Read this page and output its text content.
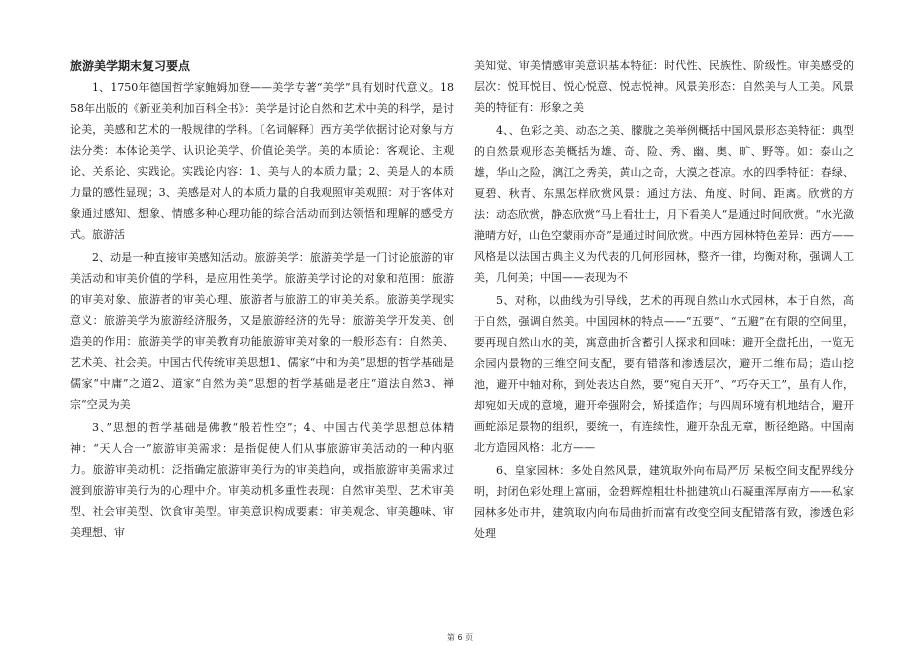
旅游美学期末复习要点

1、1750年德国哲学家鲍姆加登——美学专著“美学”具有划时代意义。1858年出版的《新亚美利加百科全书》：美学是讨论自然和艺术中美的科学，是讨论美，美感和艺术的一般规律的学科。〔名词解释〕西方美学依据讨论对象与方法分类：本体论美学、认识论美学、价值论美学。美的本质论：客观论、主观论、关系论、实践论。实践论内容：1、美与人的本质力量；2、美是人的本质力量的感性显现；3、美感是对人的本质力量的自我观照审美观照：对于客体对象通过感知、想象、情感多种心理功能的综合活动而到达领悟和理解的感受方式。旅游活

2、动是一种直接审美感知活动。旅游美学：旅游美学是一门讨论旅游的审美活动和审美价值的学科，是应用性美学。旅游美学讨论的对象和范围：旅游的审美对象、旅游者的审美心理、旅游者与旅游工的审美关系。旅游美学现实意义：旅游美学为旅游经济服务，又是旅游经济的先导：旅游美学开发美、创造美的作用：旅游美学的审美教育功能旅游审美对象的一般形态有：自然美、艺术美、社会美。中国古代传统审美思想1、儒家“中和为美”思想的哲学基础是儒家“中庸”之道2、道家“自然为美”思想的哲学基础是老庄“道法自然3、禅宗“空灵为美

3、”思想的哲学基础是佛教“般若性空”；4、中国古代美学思想总体精神：“天人合一”旅游审美需求：是指促使人们从事旅游审美活动的一种内驱力。旅游审美动机：泛指确定旅游审美行为的审美趋向，或指旅游审美需求过渡到旅游审美行为的心理中介。审美动机多重性表现：自然审美型、艺术审美型、社会审美型、饮食审美型。审美意识构成要素：审美观念、审美趣味、审美理想、审

美知觉、审美情感审美意识基本特征：时代性、民族性、阶级性。审美感受的层次：悦耳悦目、悦心悦意、悦志悦神。风景美形态：自然美与人工美。风景美的特征有：形象之美

4、、色彩之美、动态之美、朦胧之美举例概括中国风景形态美特征：典型的自然景观形态美概括为雄、奇、险、秀、幽、奥、旷、野等。如：泰山之雄，华山之险，漓江之秀美，黄山之奇，大漠之苍凉。水的四季特征：春绿、夏碧、秋青、东黑怎样欣赏风景：通过方法、角度、时间、距离。欣赏的方法：动态欣赏，静态欣赏“马上看壮士，月下看美人”是通过时间欣赏。“水光潋滟晴方好，山色空蒙雨亦奇”是通过时间欣赏。中西方园林特色差异：西方——风格是以法国古典主义为代表的几何形园林，整齐一律，均衡对称，强调人工美，几何美；中国——表现为不

5、对称，以曲线为引导线，艺术的再现自然山水式园林，本于自然，高于自然，强调自然美。中国园林的特点——“五要”、“五避”在有限的空间里，要再现自然山水的美，寓意曲折含蓄引人探求和回味：避开全盘托出，一览无余园内景物的三维空间支配，要有错落和渗透层次，避开二维布局；造山挖池，避开中轴对称，到处表达自然，要“宛自天开”、“巧夺天工”，虽有人作，却宛如天成的意境，避开牵强附会，矫揉造作；与四周环境有机地结合，避开画蛇添足景物的组织，要统一，有连续性，避开杂乱无章，断径绝路。中国南北方造园风格：北方——

6、皇家园林：多处自然风景，建筑取外向布局严厉 呆板空间支配界线分明，封闭色彩处理上富丽，金碧辉煌粗壮朴拙建筑山石凝重浑厚南方——私家园林多处市井，建筑取内向布局曲折而富有改变空间支配错落有致，渗透色彩处理

第 6 页
